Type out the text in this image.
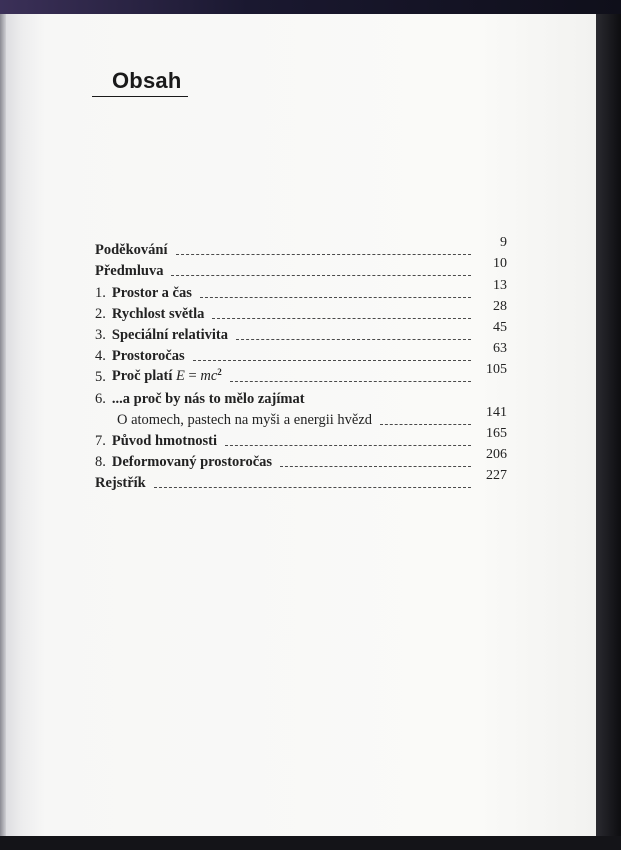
Obsah
Poděkování	9
Předmluva	10
1. Prostor a čas	13
2. Rychlost světla	28
3. Speciální relativita	45
4. Prostoročas	63
5. Proč platí $E = mc^2$	105
6. ...a proč by nás to mělo zajímat
O atomech, pastech na myši a energii hvězd	141
7. Původ hmotnosti	165
8. Deformovaný prostoročas	206
Rejstřík	227
